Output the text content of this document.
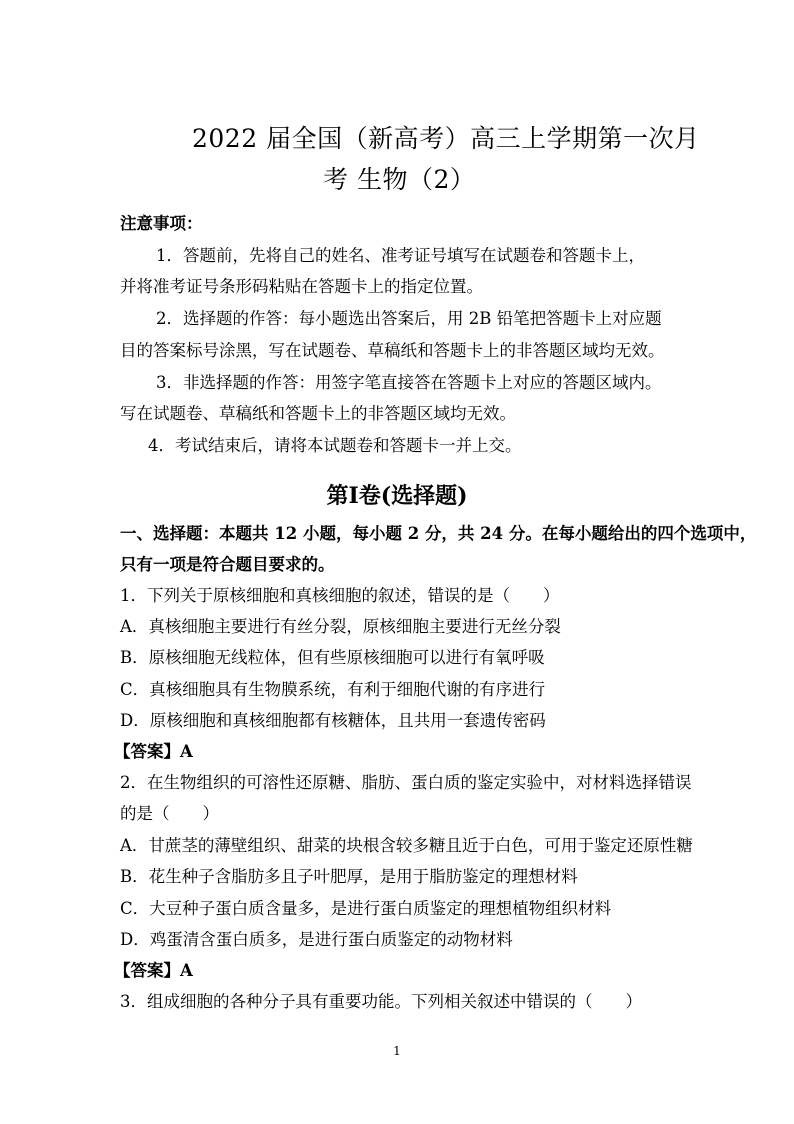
2022 届全国（新高考）高三上学期第一次月
考 生物（2）
注意事项：
1．答题前，先将自己的姓名、准考证号填写在试题卷和答题卡上，
并将准考证号条形码粘贴在答题卡上的指定位置。
2．选择题的作答：每小题选出答案后，用 2B 铅笔把答题卡上对应题
目的答案标号涂黑，写在试题卷、草稿纸和答题卡上的非答题区域均无效。
3．非选择题的作答：用签字笔直接答在答题卡上对应的答题区域内。
写在试题卷、草稿纸和答题卡上的非答题区域均无效。
4．考试结束后，请将本试题卷和答题卡一并上交。
第Ⅰ卷(选择题)
一、选择题：本题共 12 小题，每小题 2 分，共 24 分。在每小题给出的四个选项中，
只有一项是符合题目要求的。
1．下列关于原核细胞和真核细胞的叙述，错误的是（　　）
A．真核细胞主要进行有丝分裂，原核细胞主要进行无丝分裂
B．原核细胞无线粒体，但有些原核细胞可以进行有氧呼吸
C．真核细胞具有生物膜系统，有利于细胞代谢的有序进行
D．原核细胞和真核细胞都有核糖体，且共用一套遗传密码
【答案】A
2．在生物组织的可溶性还原糖、脂肪、蛋白质的鉴定实验中，对材料选择错误
的是（　　）
A．甘蔗茎的薄壁组织、甜菜的块根含较多糖且近于白色，可用于鉴定还原性糖
B．花生种子含脂肪多且子叶肥厚，是用于脂肪鉴定的理想材料
C．大豆种子蛋白质含量多，是进行蛋白质鉴定的理想植物组织材料
D．鸡蛋清含蛋白质多，是进行蛋白质鉴定的动物材料
【答案】A
3．组成细胞的各种分子具有重要功能。下列相关叙述中错误的（　　）
1
